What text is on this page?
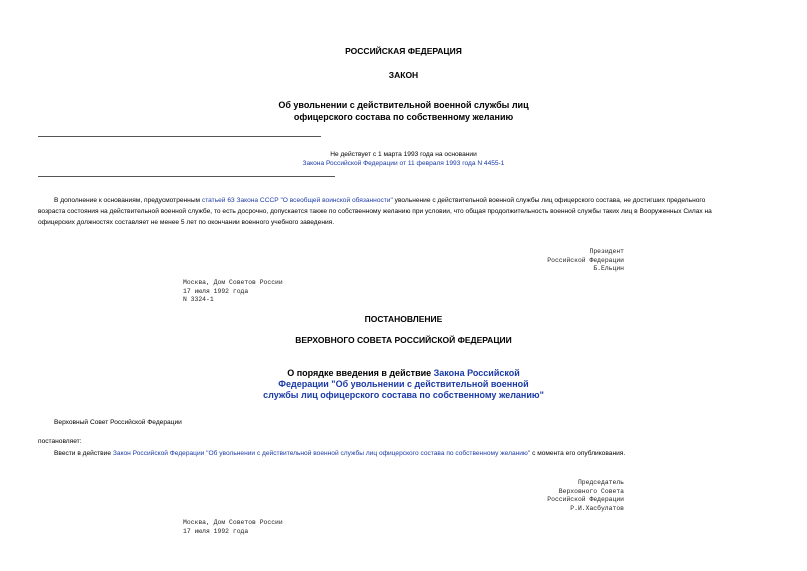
РОССИЙСКАЯ ФЕДЕРАЦИЯ
ЗАКОН
Об увольнении с действительной военной службы лиц
офицерского состава по собственному желанию
Не действует с 1 марта 1993 года на основании
Закона Российской Федерации от 11 февраля 1993 года N 4455-1
В дополнение к основаниям, предусмотренным статьей 63 Закона СССР "О всеобщей воинской обязанности" увольнение с действительной военной службы лиц офицерского состава, не достигших предельного
возраста состояния на действительной военной службе, то есть досрочно, допускается также по собственному желанию при условии, что общая продолжительность военной службы таких лиц в Вооруженных Силах на
офицерских должностях составляет не менее 5 лет по окончании военного учебного заведения.
Президент
Российской Федерации
Б.Ельцин
Москва, Дом Советов России
17 июля 1992 года
N 3324-1
ПОСТАНОВЛЕНИЕ
ВЕРХОВНОГО СОВЕТА РОССИЙСКОЙ ФЕДЕРАЦИИ
О порядке введения в действие Закона Российской
Федерации "Об увольнении с действительной военной
службы лиц офицерского состава по собственному желанию"
Верховный Совет Российской Федерации
постановляет:
Ввести в действие Закон Российской Федерации "Об увольнении с действительной военной службы лиц офицерского состава по собственному желанию" с момента его опубликования.
Председатель
Верховного Совета
Российской Федерации
Р.И.Хасбулатов
Москва, Дом Советов России
17 июля 1992 года
